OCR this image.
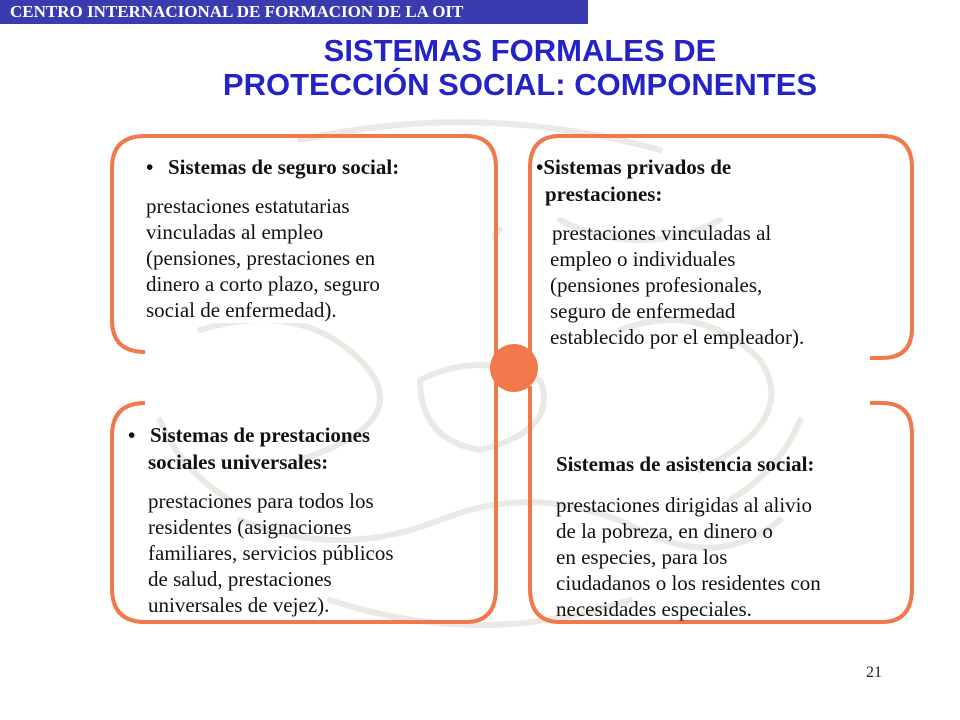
CENTRO INTERNACIONAL DE FORMACION DE LA OIT
SISTEMAS FORMALES DE
PROTECCIÓN SOCIAL: COMPONENTES

• Sistemas de seguro social:

prestaciones estatutarias
vinculadas al empleo
(pensiones, prestaciones en
dinero a corto plazo, seguro
social de enfermedad).

•Sistemas privados de

prestaciones:

prestaciones vinculadas al
empleo o individuales
(pensiones profesionales,
seguro de enfermedad
establecido por el empleador).

• Sistemas de prestaciones

sociales universales:

prestaciones para todos los
residentes (asignaciones
familiares, servicios públicos
de salud, prestaciones
universales de vejez).

Sistemas de asistencia social:

prestaciones dirigidas al alivio
de la pobreza, en dinero o
en especies, para los
ciudadanos o los residentes con
necesidades especiales.

21
